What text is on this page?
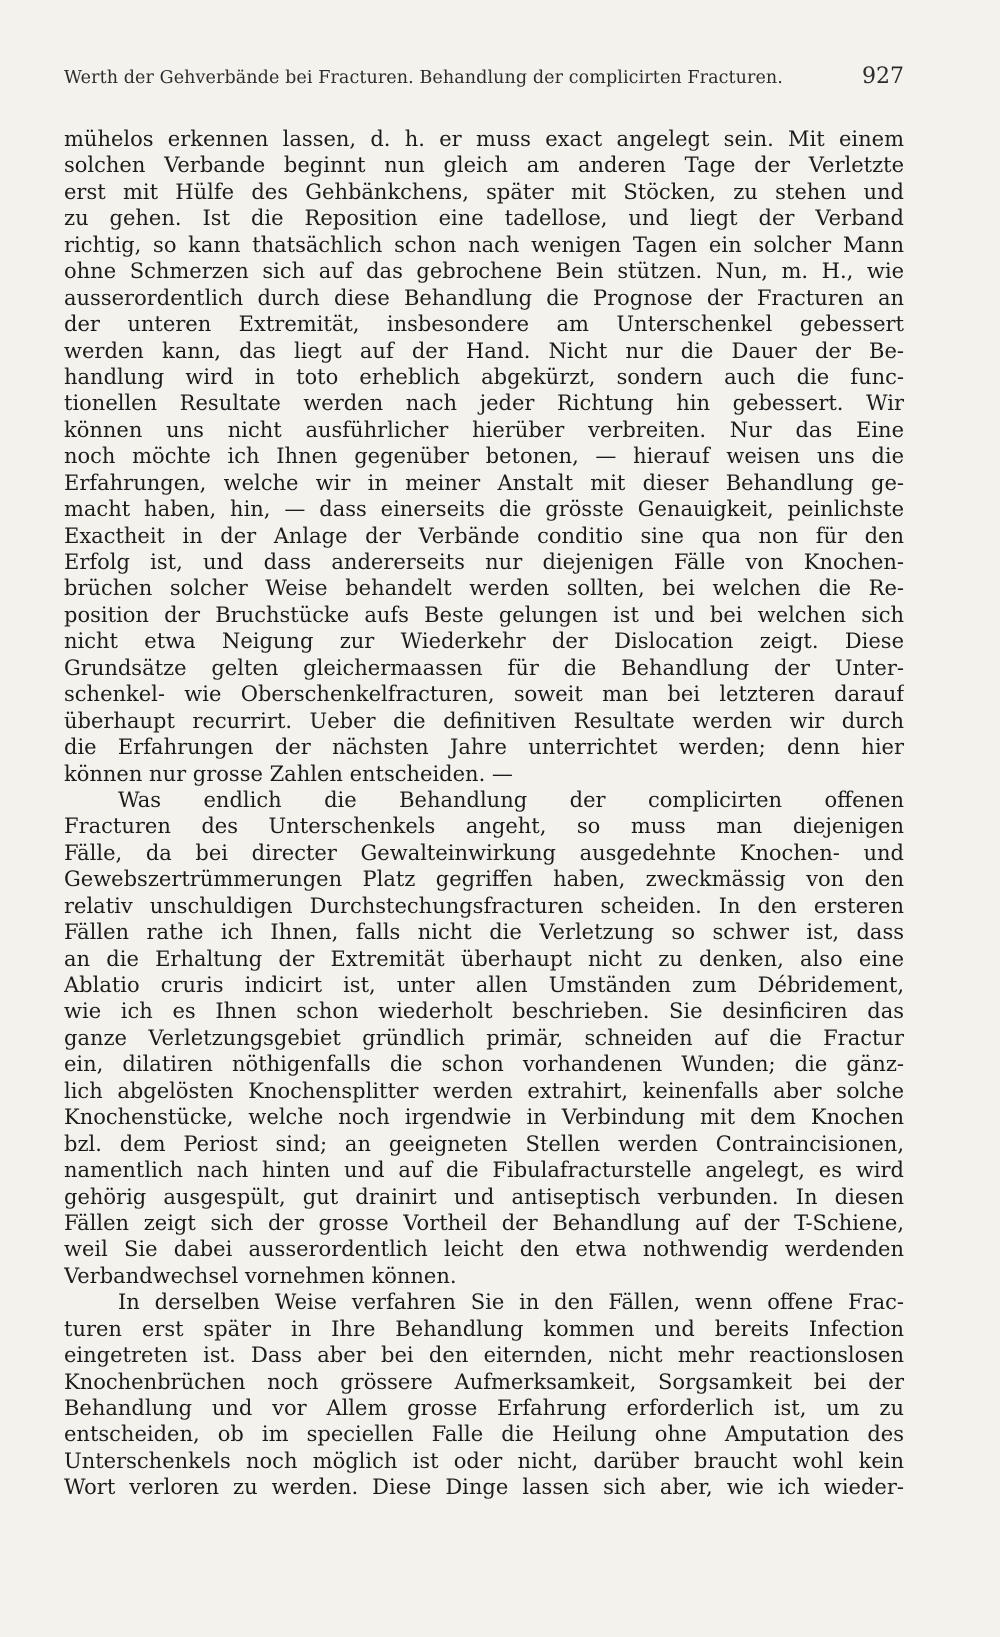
Werth der Gehverbände bei Fracturen. Behandlung der complicirten Fracturen.	927
mühelos erkennen lassen, d. h. er muss exact angelegt sein. Mit einem
solchen Verbande beginnt nun gleich am anderen Tage der Verletzte
erst mit Hülfe des Gehbänkchens, später mit Stöcken, zu stehen und
zu gehen. Ist die Reposition eine tadellose, und liegt der Verband
richtig, so kann thatsächlich schon nach wenigen Tagen ein solcher Mann
ohne Schmerzen sich auf das gebrochene Bein stützen. Nun, m. H., wie
ausserordentlich durch diese Behandlung die Prognose der Fracturen an
der unteren Extremität, insbesondere am Unterschenkel gebessert
werden kann, das liegt auf der Hand. Nicht nur die Dauer der Be-
handlung wird in toto erheblich abgekürzt, sondern auch die func-
tionellen Resultate werden nach jeder Richtung hin gebessert. Wir
können uns nicht ausführlicher hierüber verbreiten. Nur das Eine
noch möchte ich Ihnen gegenüber betonen, — hierauf weisen uns die
Erfahrungen, welche wir in meiner Anstalt mit dieser Behandlung ge-
macht haben, hin, — dass einerseits die grösste Genauigkeit, peinlichste
Exactheit in der Anlage der Verbände conditio sine qua non für den
Erfolg ist, und dass andererseits nur diejenigen Fälle von Knochen-
brüchen solcher Weise behandelt werden sollten, bei welchen die Re-
position der Bruchstücke aufs Beste gelungen ist und bei welchen sich
nicht etwa Neigung zur Wiederkehr der Dislocation zeigt. Diese
Grundsätze gelten gleichermaassen für die Behandlung der Unter-
schenkel- wie Oberschenkelfracturen, soweit man bei letzteren darauf
überhaupt recurrirt. Ueber die definitiven Resultate werden wir durch
die Erfahrungen der nächsten Jahre unterrichtet werden; denn hier
können nur grosse Zahlen entscheiden. —
Was endlich die Behandlung der complicirten offenen
Fracturen des Unterschenkels angeht, so muss man diejenigen
Fälle, da bei directer Gewalteinwirkung ausgedehnte Knochen- und
Gewebszertrümmerungen Platz gegriffen haben, zweckmässig von den
relativ unschuldigen Durchstechungsfracturen scheiden. In den ersteren
Fällen rathe ich Ihnen, falls nicht die Verletzung so schwer ist, dass
an die Erhaltung der Extremität überhaupt nicht zu denken, also eine
Ablatio cruris indicirt ist, unter allen Umständen zum Débridement,
wie ich es Ihnen schon wiederholt beschrieben. Sie desinficiren das
ganze Verletzungsgebiet gründlich primär, schneiden auf die Fractur
ein, dilatiren nöthigenfalls die schon vorhandenen Wunden; die gänz-
lich abgelösten Knochensplitter werden extrahirt, keinenfalls aber solche
Knochenstücke, welche noch irgendwie in Verbindung mit dem Knochen
bzl. dem Periost sind; an geeigneten Stellen werden Contraincisionen,
namentlich nach hinten und auf die Fibulafracturstelle angelegt, es wird
gehörig ausgespült, gut drainirt und antiseptisch verbunden. In diesen
Fällen zeigt sich der grosse Vortheil der Behandlung auf der T-Schiene,
weil Sie dabei ausserordentlich leicht den etwa nothwendig werdenden
Verbandwechsel vornehmen können.
In derselben Weise verfahren Sie in den Fällen, wenn offene Frac-
turen erst später in Ihre Behandlung kommen und bereits Infection
eingetreten ist. Dass aber bei den eiternden, nicht mehr reactionslosen
Knochenbrüchen noch grössere Aufmerksamkeit, Sorgsamkeit bei der
Behandlung und vor Allem grosse Erfahrung erforderlich ist, um zu
entscheiden, ob im speciellen Falle die Heilung ohne Amputation des
Unterschenkels noch möglich ist oder nicht, darüber braucht wohl kein
Wort verloren zu werden. Diese Dinge lassen sich aber, wie ich wieder-
